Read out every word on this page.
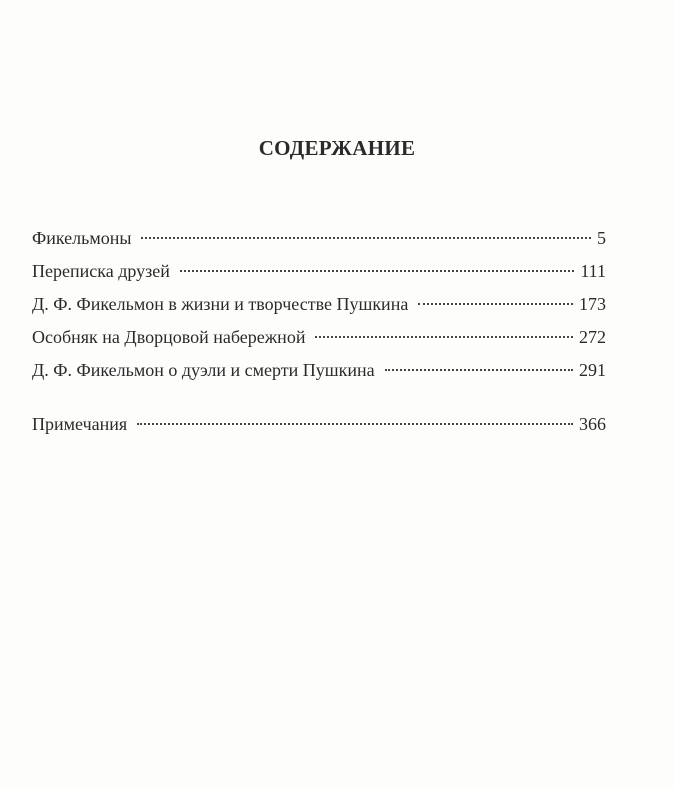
СОДЕРЖАНИЕ
Фикельмоны	5
Переписка друзей	111
Д. Ф. Фикельмон в жизни и творчестве Пушкина	173
Особняк на Дворцовой набережной	272
Д. Ф. Фикельмон о дуэли и смерти Пушкина	291
Примечания	366
